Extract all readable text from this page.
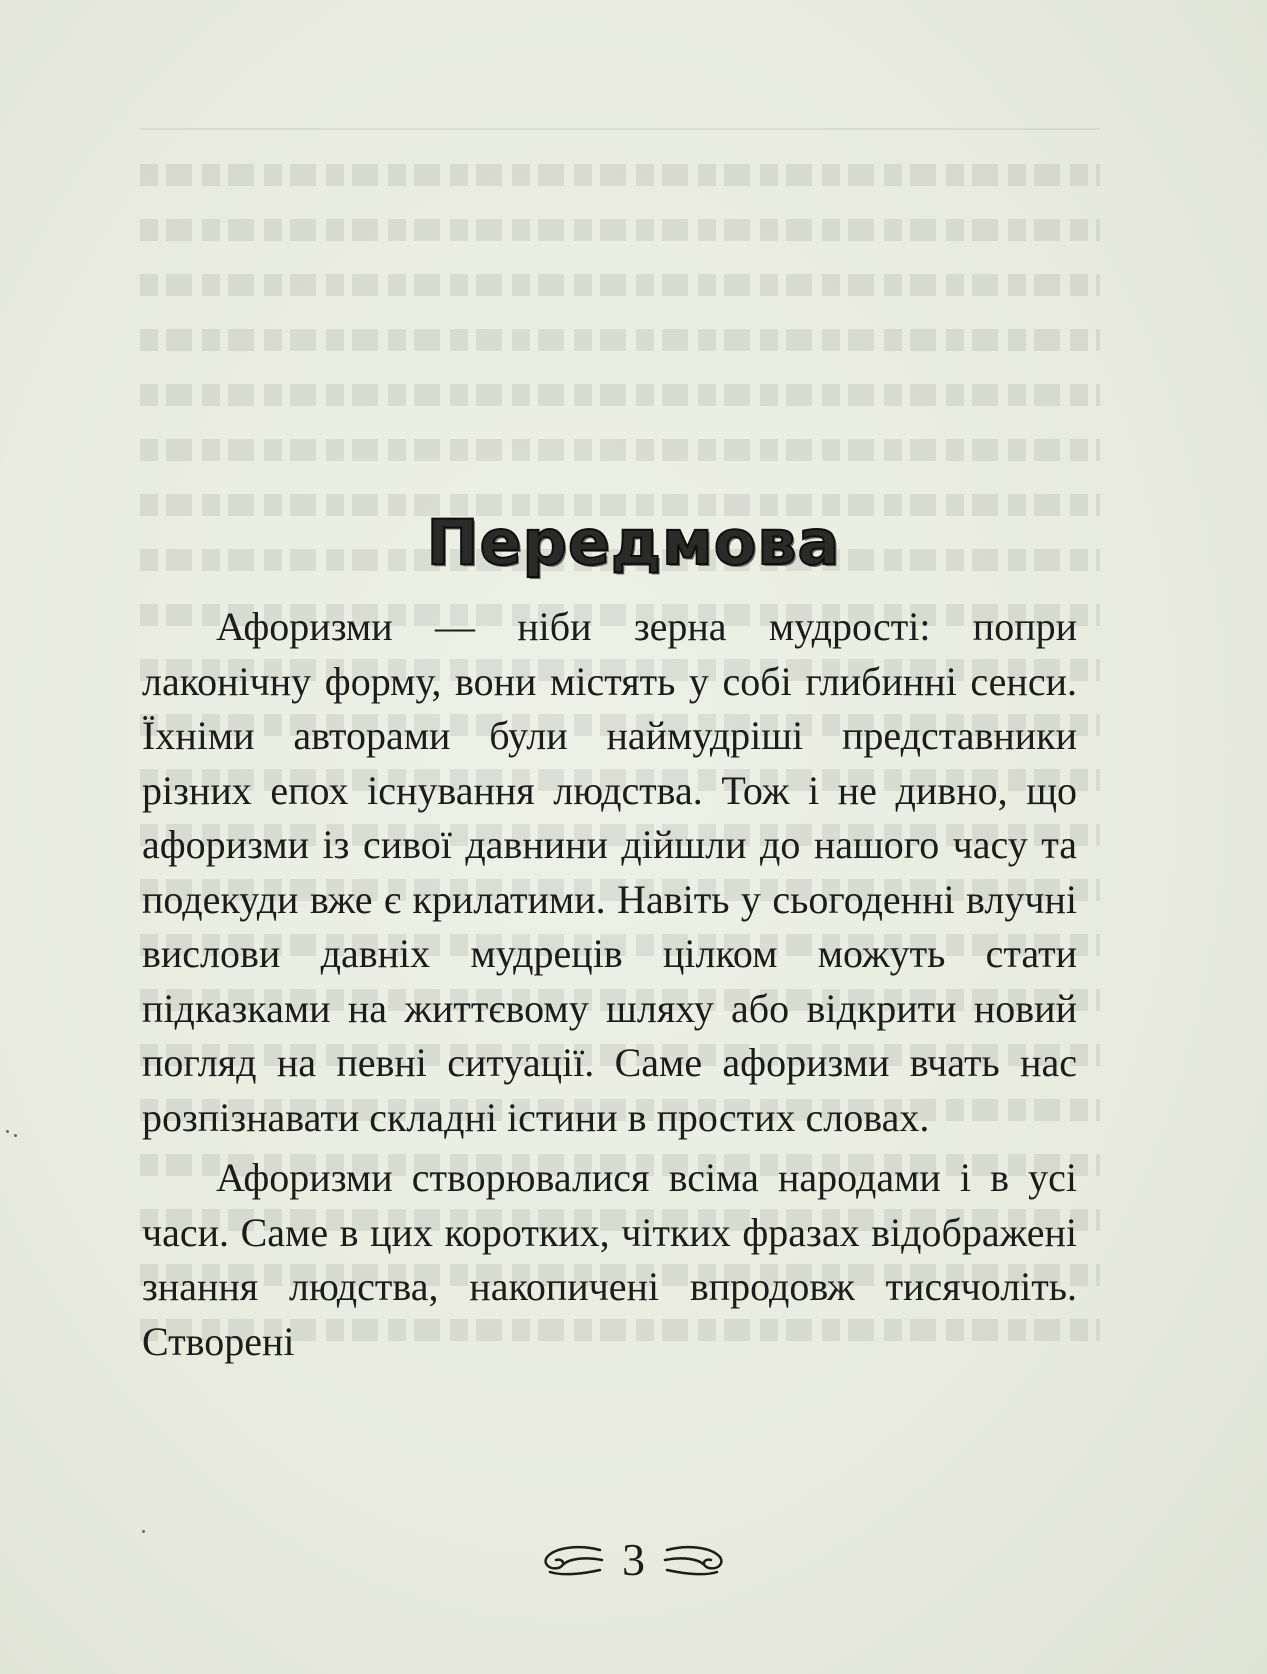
Передмова

Афоризми — ніби зерна мудрості: попри лаконічну форму, вони містять у собі глибинні сенси. Їхніми авторами були наймудріші представники різних епох існування людства. Тож і не дивно, що афоризми із сивої давнини дійшли до нашого часу та подекуди вже є крилатими. Навіть у сьогоденні влучні вислови давніх мудреців цілком можуть стати підказками на життєвому шляху або відкрити новий погляд на певні ситуації. Саме афоризми вчать нас розпізнавати складні істини в простих словах.

Афоризми створювалися всіма народами і в усі часи. Саме в цих коротких, чітких фразах відображені знання людства, накопичені впродовж тисячоліть. Створені

3
